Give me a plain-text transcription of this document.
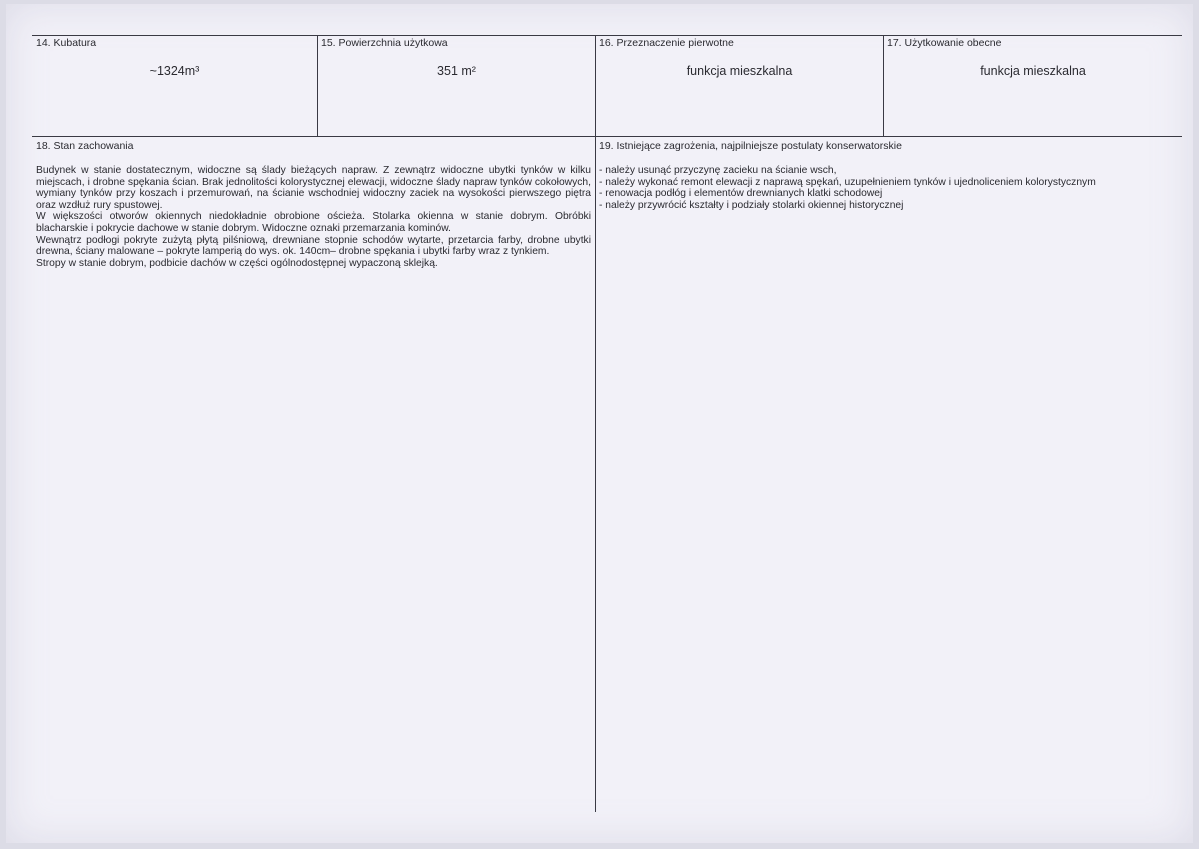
14. Kubatura
~1324m³
15. Powierzchnia użytkowa
351 m²
16. Przeznaczenie pierwotne
funkcja mieszkalna
17. Użytkowanie obecne
funkcja mieszkalna
18. Stan zachowania
Budynek w stanie dostatecznym, widoczne są ślady bieżących napraw. Z zewnątrz widoczne ubytki tynków w kilku miejscach, i drobne spękania ścian. Brak jednolitości kolorystycznej elewacji, widoczne ślady napraw tynków cokołowych, wymiany tynków przy koszach i przemurowań, na ścianie wschodniej widoczny zaciek na wysokości pierwszego piętra oraz wzdłuż rury spustowej.
W większości otworów okiennych niedokładnie obrobione ościeża. Stolarka okienna w stanie dobrym. Obróbki blacharskie i pokrycie dachowe w stanie dobrym. Widoczne oznaki przemarzania kominów.
Wewnątrz podłogi pokryte zużytą płytą pilśniową, drewniane stopnie schodów wytarte, przetarcia farby, drobne ubytki drewna, ściany malowane – pokryte lamperią do wys. ok. 140cm– drobne spękania i ubytki farby wraz z tynkiem.
Stropy w stanie dobrym, podbicie dachów w części ogólnodostępnej wypaczoną sklejką.
19. Istniejące zagrożenia, najpilniejsze postulaty konserwatorskie
- należy usunąć przyczynę zacieku na ścianie wsch,
- należy wykonać remont elewacji z naprawą spękań, uzupełnieniem tynków i ujednoliceniem kolorystycznym
- renowacja podłóg i elementów drewnianych klatki schodowej
- należy przywrócić kształty i podziały stolarki okiennej historycznej
